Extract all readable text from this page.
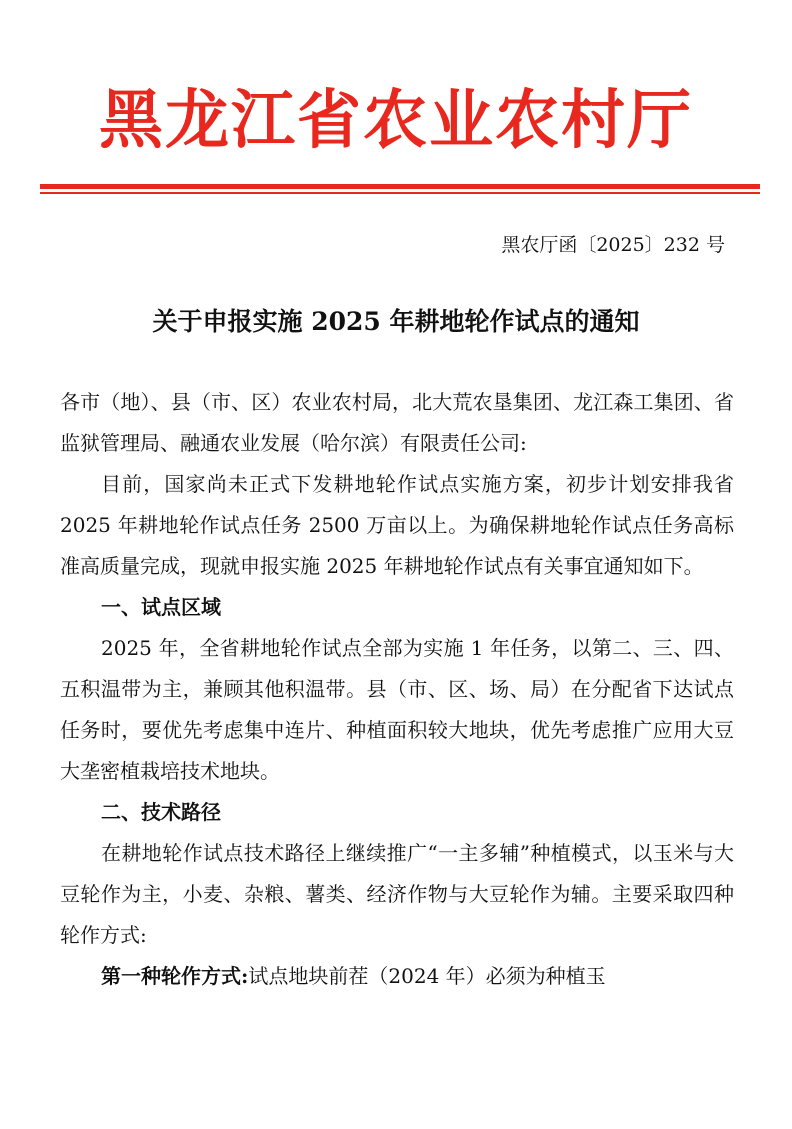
黑龙江省农业农村厅
黑农厅函〔2025〕232 号
关于申报实施 2025 年耕地轮作试点的通知

各市（地）、县（市、区）农业农村局，北大荒农垦集团、龙江森工集团、省监狱管理局、融通农业发展（哈尔滨）有限责任公司:

目前，国家尚未正式下发耕地轮作试点实施方案，初步计划安排我省 2025 年耕地轮作试点任务 2500 万亩以上。为确保耕地轮作试点任务高标准高质量完成，现就申报实施 2025 年耕地轮作试点有关事宜通知如下。

一、试点区域

2025 年，全省耕地轮作试点全部为实施 1 年任务，以第二、三、四、五积温带为主，兼顾其他积温带。县（市、区、场、局）在分配省下达试点任务时，要优先考虑集中连片、种植面积较大地块，优先考虑推广应用大豆大垄密植栽培技术地块。

二、技术路径

在耕地轮作试点技术路径上继续推广“一主多辅”种植模式，以玉米与大豆轮作为主，小麦、杂粮、薯类、经济作物与大豆轮作为辅。主要采取四种轮作方式:

第一种轮作方式:试点地块前茬（2024 年）必须为种植玉
